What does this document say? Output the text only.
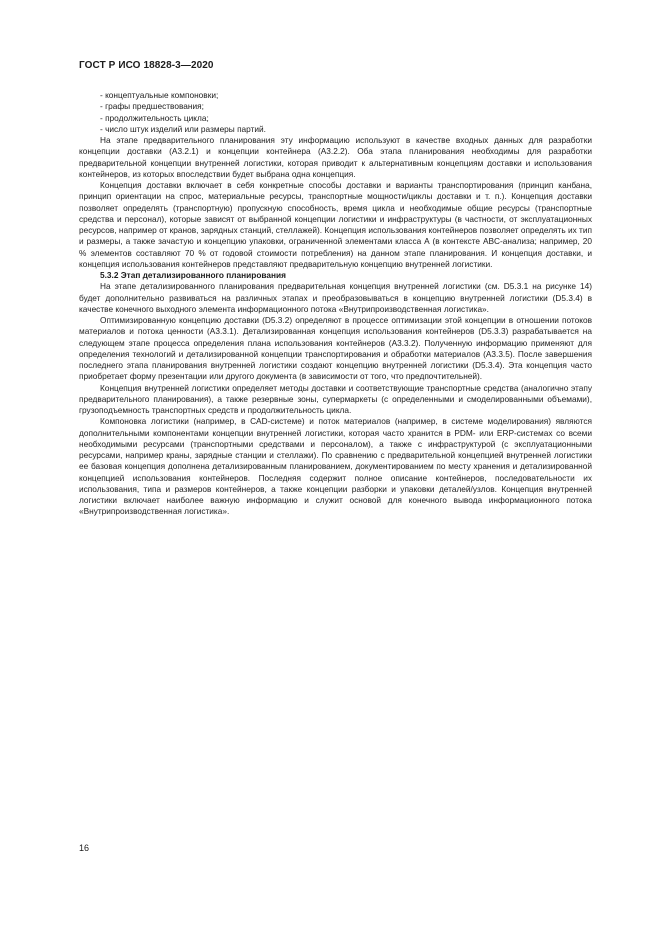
ГОСТ Р ИСО 18828-3—2020

- концептуальные компоновки;

- графы предшествования;

- продолжительность цикла;

- число штук изделий или размеры партий.

На этапе предварительного планирования эту информацию используют в качестве входных данных для разработки концепции доставки (A3.2.1) и концепции контейнера (A3.2.2). Оба этапа планирования необходимы для разработки предварительной концепции внутренней логистики, которая приводит к альтернативным концепциям доставки и использования контейнеров, из которых впоследствии будет выбрана одна концепция.

Концепция доставки включает в себя конкретные способы доставки и варианты транспортирования (принцип канбана, принцип ориентации на спрос, материальные ресурсы, транспортные мощности/циклы доставки и т. п.). Концепция доставки позволяет определять (транспортную) пропускную способность, время цикла и необходимые общие ресурсы (транспортные средства и персонал), которые зависят от выбранной концепции логистики и инфраструктуры (в частности, от эксплуатационных ресурсов, например от кранов, зарядных станций, стеллажей). Концепция использования контейнеров позволяет определять их тип и размеры, а также зачастую и концепцию упаковки, ограниченной элементами класса А (в контексте ABC-анализа; например, 20 % элементов составляют 70 % от годовой стоимости потребления) на данном этапе планирования. И концепция доставки, и концепция использования контейнеров представляют предварительную концепцию внутренней логистики.

5.3.2 Этап детализированного планирования

На этапе детализированного планирования предварительная концепция внутренней логистики (см. D5.3.1 на рисунке 14) будет дополнительно развиваться на различных этапах и преобразовываться в концепцию внутренней логистики (D5.3.4) в качестве конечного выходного элемента информационного потока «Внутрипроизводственная логистика».

Оптимизированную концепцию доставки (D5.3.2) определяют в процессе оптимизации этой концепции в отношении потоков материалов и потока ценности (A3.3.1). Детализированная концепция использования контейнеров (D5.3.3) разрабатывается на следующем этапе процесса определения плана использования контейнеров (A3.3.2). Полученную информацию применяют для определения технологий и детализированной концепции транспортирования и обработки материалов (A3.3.5). После завершения последнего этапа планирования внутренней логистики создают концепцию внутренней логистики (D5.3.4). Эта концепция часто приобретает форму презентации или другого документа (в зависимости от того, что предпочтительней).

Концепция внутренней логистики определяет методы доставки и соответствующие транспортные средства (аналогично этапу предварительного планирования), а также резервные зоны, супермаркеты (с определенными и смоделированными объемами), грузоподъемность транспортных средств и продолжительность цикла.

Компоновка логистики (например, в CAD-системе) и поток материалов (например, в системе моделирования) являются дополнительными компонентами концепции внутренней логистики, которая часто хранится в PDM- или ERP-системах со всеми необходимыми ресурсами (транспортными средствами и персоналом), а также с инфраструктурой (с эксплуатационными ресурсами, например краны, зарядные станции и стеллажи). По сравнению с предварительной концепцией внутренней логистики ее базовая концепция дополнена детализированным планированием, документированием по месту хранения и детализированной концепцией использования контейнеров. Последняя содержит полное описание контейнеров, последовательности их использования, типа и размеров контейнеров, а также концепции разборки и упаковки деталей/узлов. Концепция внутренней логистики включает наиболее важную информацию и служит основой для конечного вывода информационного потока «Внутрипроизводственная логистика».

16
